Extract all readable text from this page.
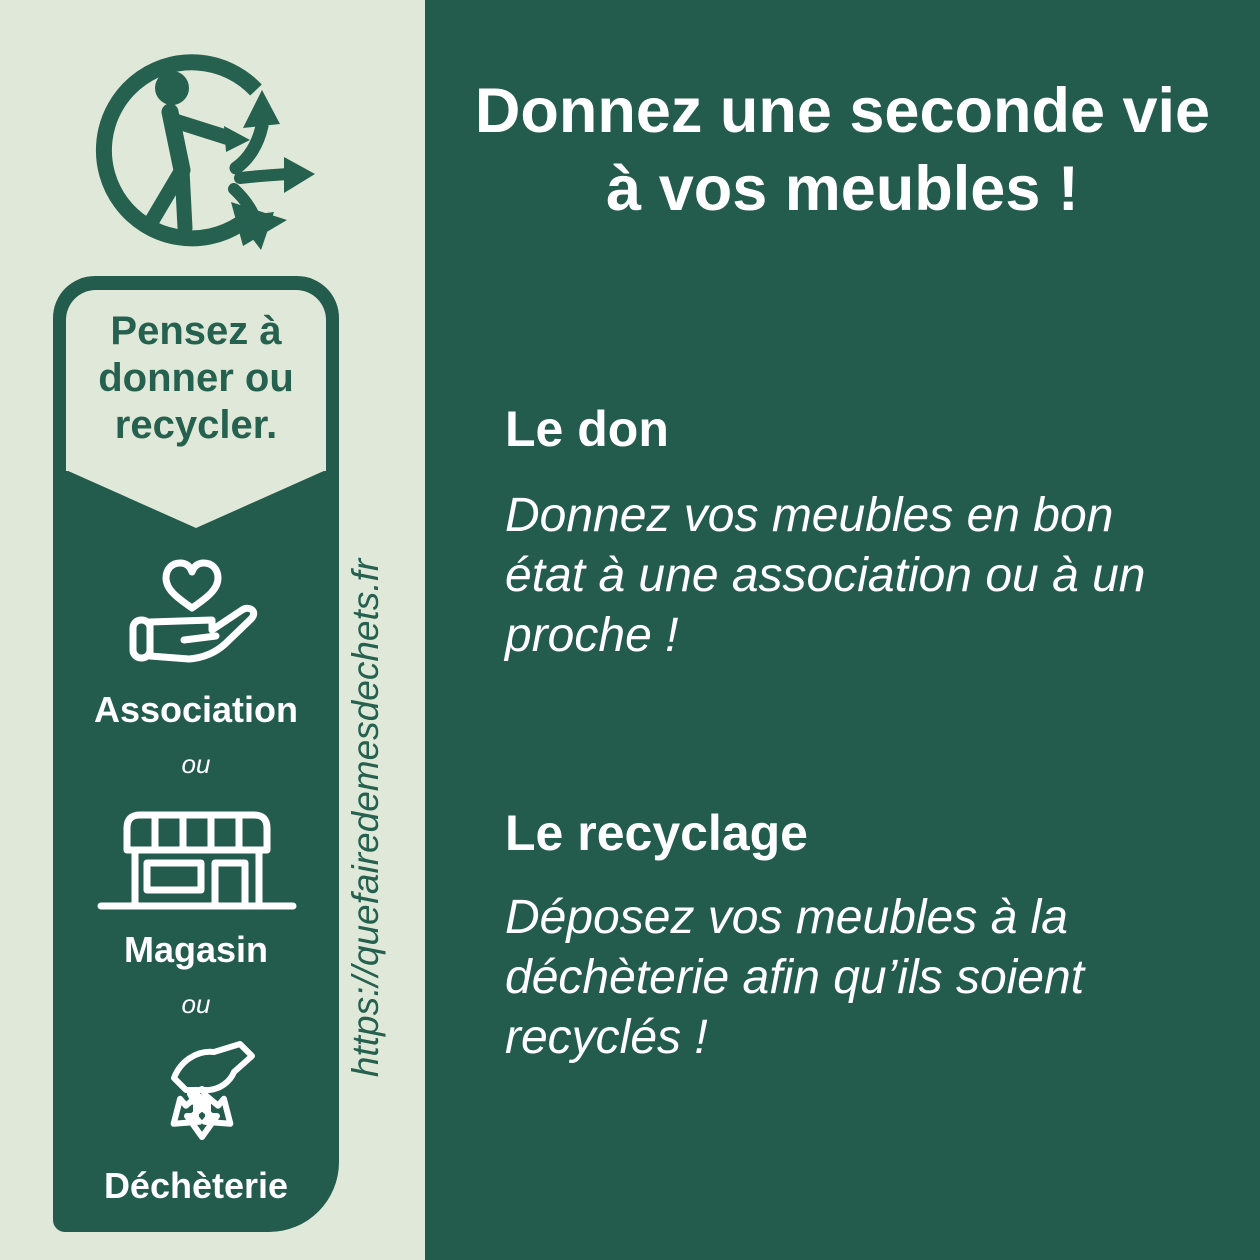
Donnez une seconde vie
à vos meubles !
Le don
Donnez vos meubles en bon
état à une association ou à un
proche !
Le recyclage
Déposez vos meubles à la
déchèterie afin qu’ils soient
recyclés !
Pensez à
donner ou
recycler.
Association
ou
Magasin
ou
Déchèterie
https://quefairedemesdechets.fr
